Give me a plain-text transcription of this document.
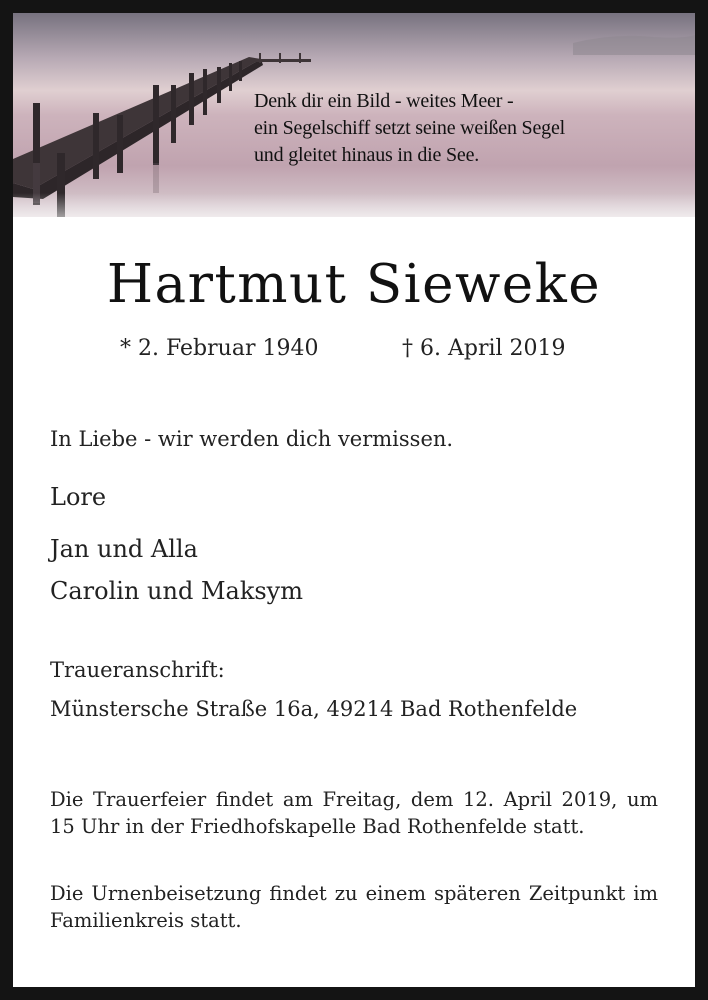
Denk dir ein Bild - weites Meer -
ein Segelschiff setzt seine weißen Segel
und gleitet hinaus in die See.
Hartmut Sieweke
* 2. Februar 1940	† 6. April 2019
In Liebe - wir werden dich vermissen.
Lore
Jan und Alla
Carolin und Maksym
Traueranschrift:
Münstersche Straße 16a, 49214 Bad Rothenfelde
Die Trauerfeier findet am Freitag, dem 12. April 2019, um 15 Uhr in der Friedhofskapelle Bad Rothenfelde statt.
Die Urnenbeisetzung findet zu einem späteren Zeitpunkt im Familienkreis statt.
